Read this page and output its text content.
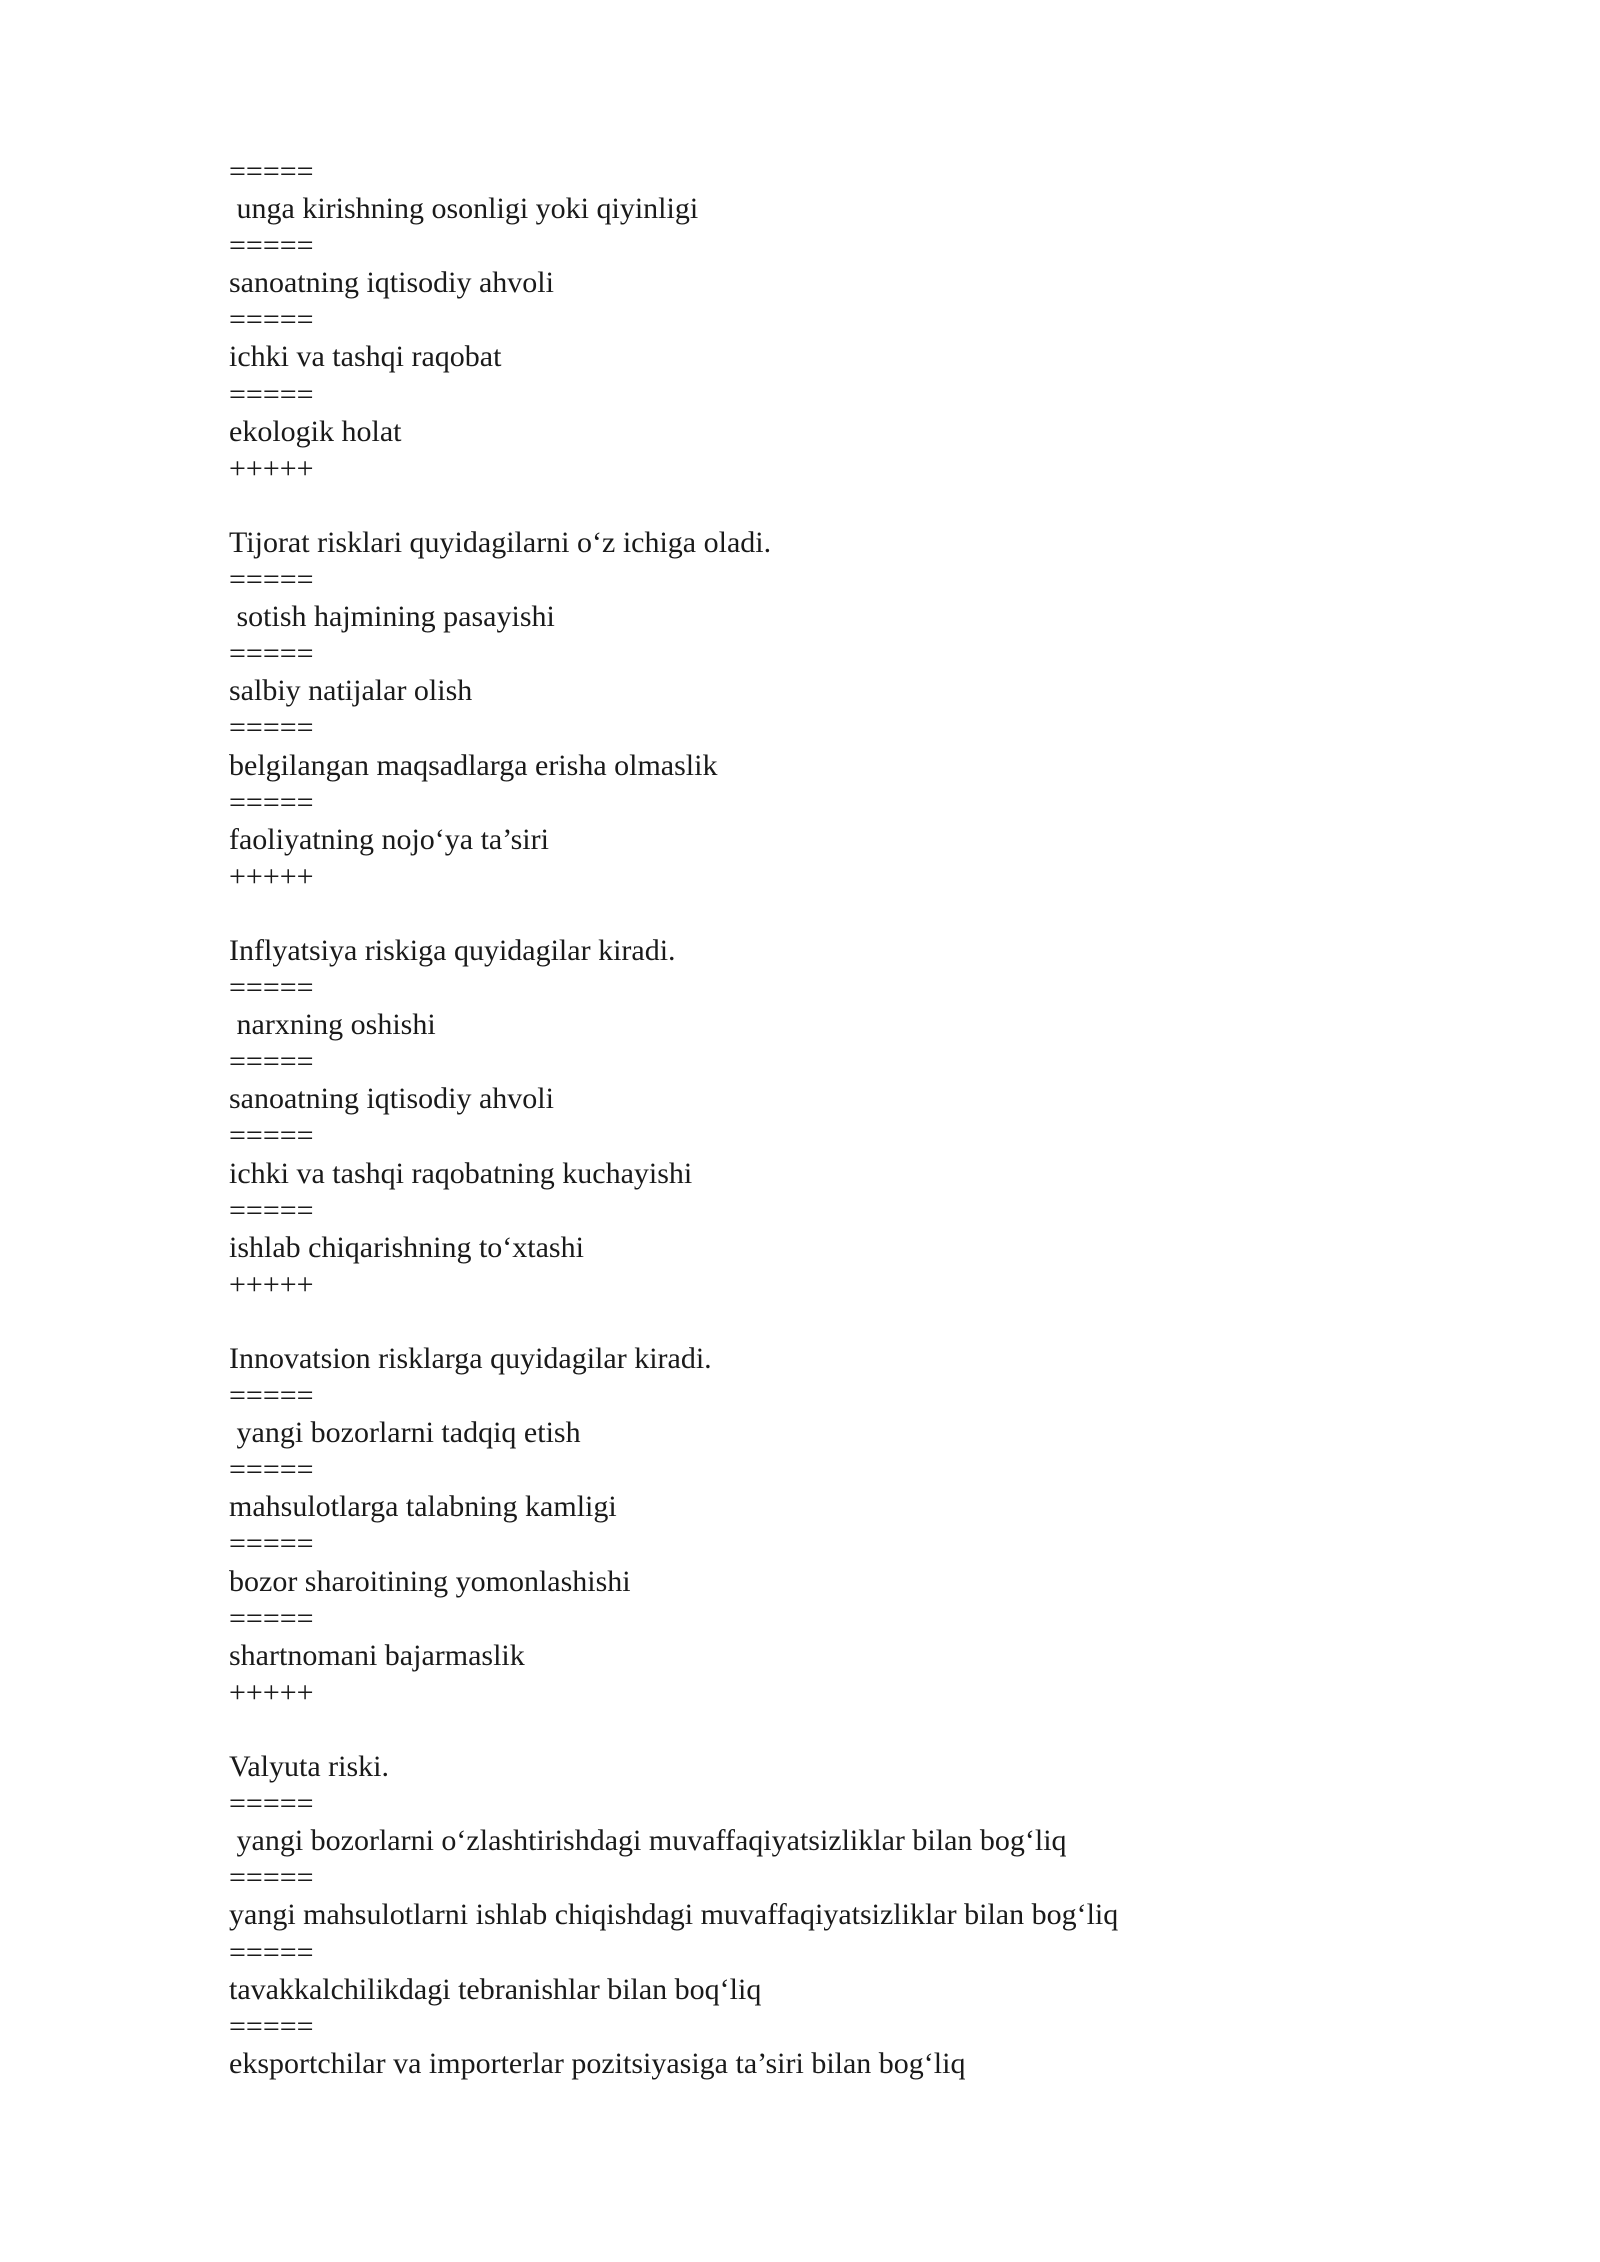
=====
unga kirishning osonligi yoki qiyinligi
=====
sanoatning iqtisodiy ahvoli
=====
ichki va tashqi raqobat
=====
ekologik holat
+++++
Tijorat risklari quyidagilarni o‘z ichiga oladi.
=====
sotish hajmining pasayishi
=====
salbiy natijalar olish
=====
belgilangan maqsadlarga erisha olmaslik
=====
faoliyatning nojo‘ya ta’siri
+++++
Inflyatsiya riskiga quyidagilar kiradi.
=====
narxning oshishi
=====
sanoatning iqtisodiy ahvoli
=====
ichki va tashqi raqobatning kuchayishi
=====
ishlab chiqarishning to‘xtashi
+++++
Innovatsion risklarga quyidagilar kiradi.
=====
yangi bozorlarni tadqiq etish
=====
mahsulotlarga talabning kamligi
=====
bozor sharoitining yomonlashishi
=====
shartnomani bajarmaslik
+++++
Valyuta riski.
=====
yangi bozorlarni o‘zlashtirishdagi muvaffaqiyatsizliklar bilan bog‘liq
=====
yangi mahsulotlarni ishlab chiqishdagi muvaffaqiyatsizliklar bilan bog‘liq
=====
tavakkalchilikdagi tebranishlar bilan boq‘liq
=====
eksportchilar va importerlar pozitsiyasiga ta’siri bilan bog‘liq
